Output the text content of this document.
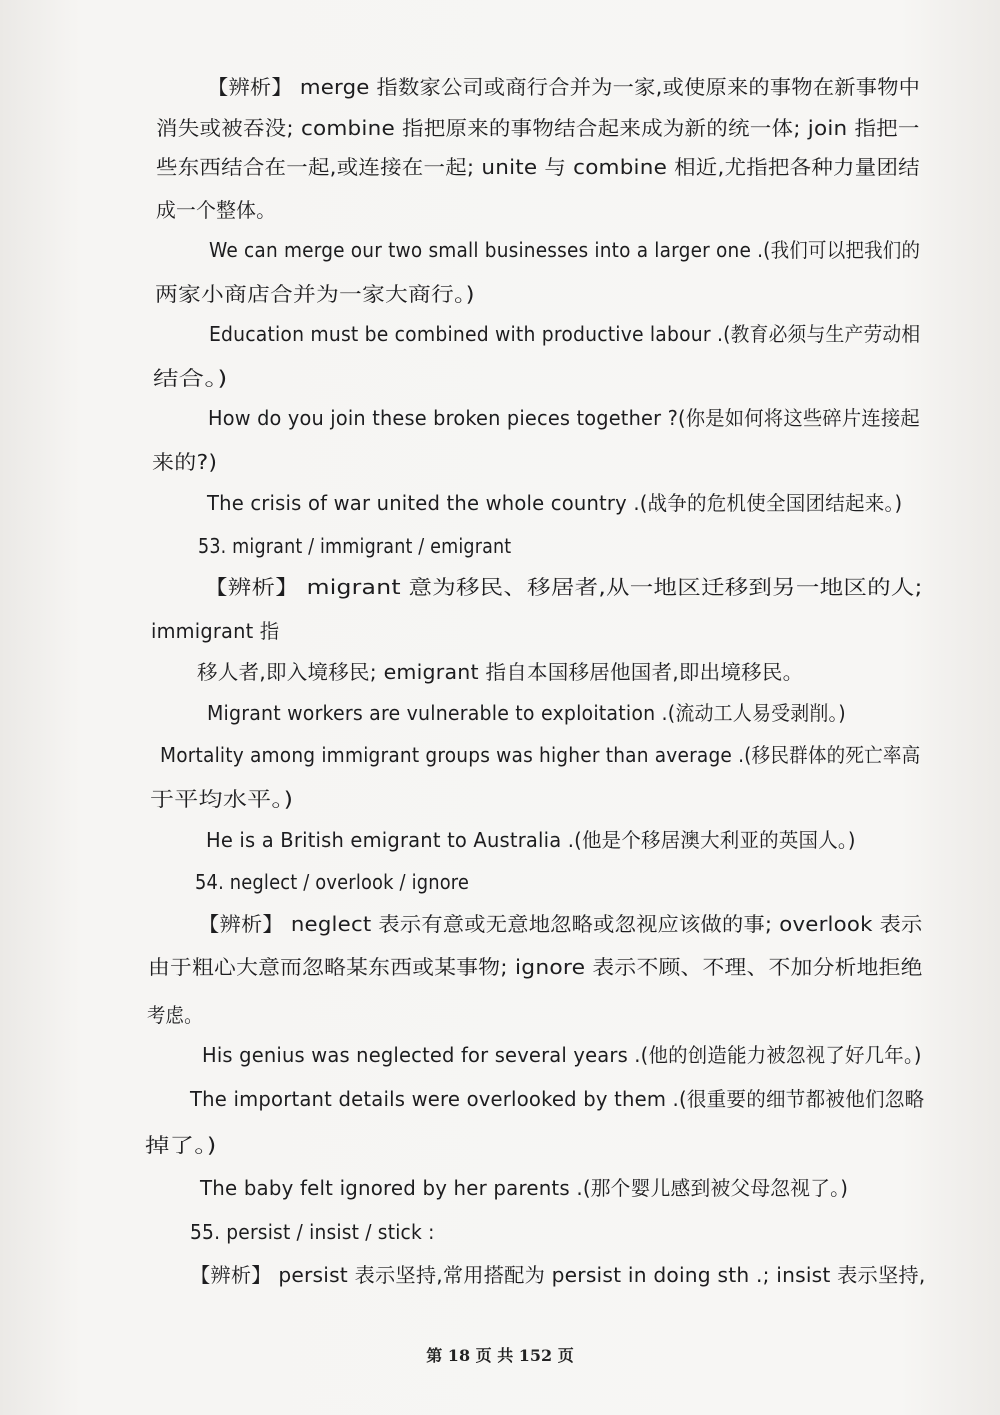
【辨析】 merge 指数家公司或商行合并为一家,或使原来的事物在新事物中
消失或被吞没; combine 指把原来的事物结合起来成为新的统一体; join 指把一
些东西结合在一起,或连接在一起; unite 与 combine 相近,尤指把各种力量团结
成一个整体。
We can merge our two small businesses into a larger one .(我们可以把我们的
两家小商店合并为一家大商行。)
Education must be combined with productive labour .(教育必须与生产劳动相
结合。)
How do you join these broken pieces together ?(你是如何将这些碎片连接起
来的?)
The crisis of war united the whole country .(战争的危机使全国团结起来。)
53. migrant / immigrant / emigrant
【辨析】 migrant 意为移民、移居者,从一地区迁移到另一地区的人;
immigrant 指
移人者,即入境移民; emigrant 指自本国移居他国者,即出境移民。
Migrant workers are vulnerable to exploitation .(流动工人易受剥削。)
Mortality among immigrant groups was higher than average .(移民群体的死亡率高
于平均水平。)
He is a British emigrant to Australia .(他是个移居澳大利亚的英国人。)
54. neglect / overlook / ignore
【辨析】 neglect 表示有意或无意地忽略或忽视应该做的事; overlook 表示
由于粗心大意而忽略某东西或某事物; ignore 表示不顾、不理、不加分析地拒绝
考虑。
His genius was neglected for several years .(他的创造能力被忽视了好几年。)
The important details were overlooked by them .(很重要的细节都被他们忽略
掉了。)
The baby felt ignored by her parents .(那个婴儿感到被父母忽视了。)
55. persist / insist / stick :
【辨析】 persist 表示坚持,常用搭配为 persist in doing sth .; insist 表示坚持,
第 18 页 共 152 页
